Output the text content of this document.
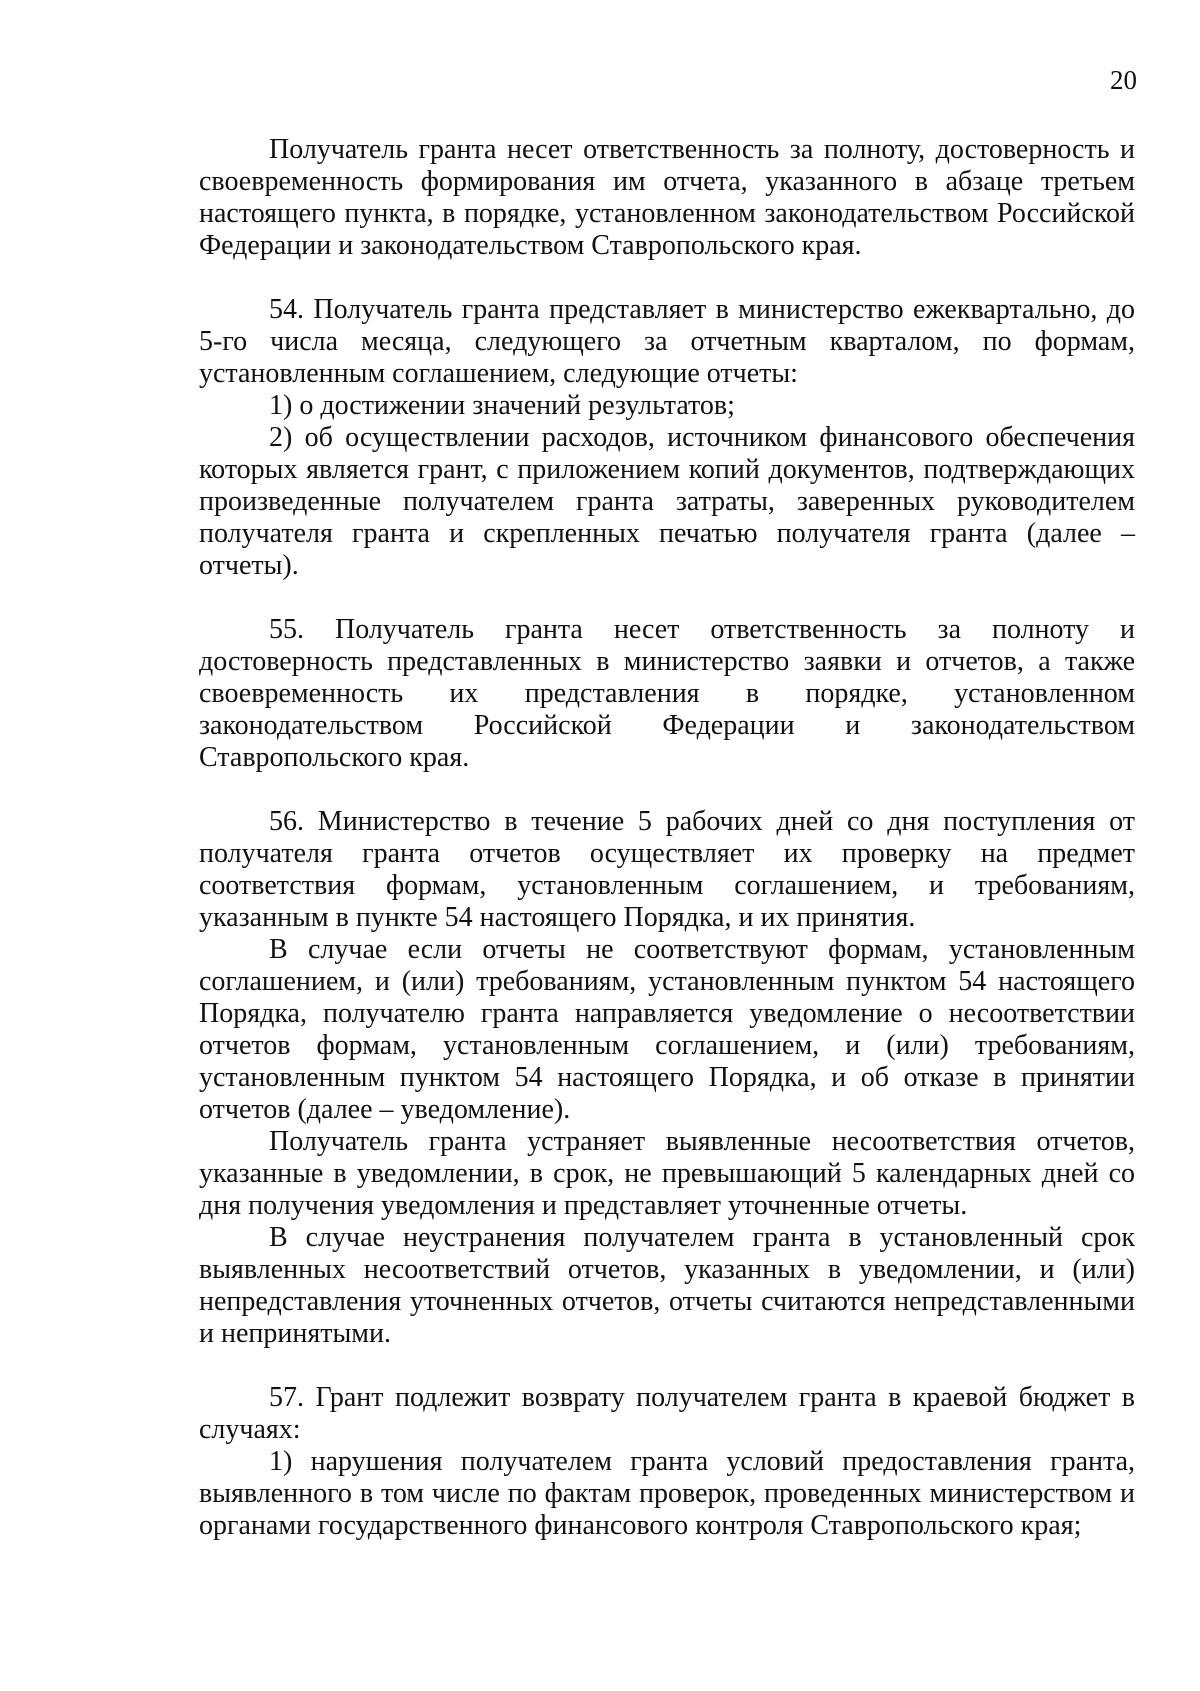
20

Получатель гранта несет ответственность за полноту, достоверность и своевременность формирования им отчета, указанного в абзаце третьем настоящего пункта, в порядке, установленном законодательством Российской Федерации и законодательством Ставропольского края.

54. Получатель гранта представляет в министерство ежеквартально, до 5-го числа месяца, следующего за отчетным кварталом, по формам, установленным соглашением, следующие отчеты:

1) о достижении значений результатов;

2) об осуществлении расходов, источником финансового обеспечения которых является грант, с приложением копий документов, подтверждающих произведенные получателем гранта затраты, заверенных руководителем получателя гранта и скрепленных печатью получателя гранта (далее – отчеты).

55. Получатель гранта несет ответственность за полноту и достоверность представленных в министерство заявки и отчетов, а также своевременность их представления в порядке, установленном законодательством Российской Федерации и законодательством Ставропольского края.

56. Министерство в течение 5 рабочих дней со дня поступления от получателя гранта отчетов осуществляет их проверку на предмет соответствия формам, установленным соглашением, и требованиям, указанным в пункте 54 настоящего Порядка, и их принятия.

В случае если отчеты не соответствуют формам, установленным соглашением, и (или) требованиям, установленным пунктом 54 настоящего Порядка, получателю гранта направляется уведомление о несоответствии отчетов формам, установленным соглашением, и (или) требованиям, установленным пунктом 54 настоящего Порядка, и об отказе в принятии отчетов (далее – уведомление).

Получатель гранта устраняет выявленные несоответствия отчетов, указанные в уведомлении, в срок, не превышающий 5 календарных дней со дня получения уведомления и представляет уточненные отчеты.

В случае неустранения получателем гранта в установленный срок выявленных несоответствий отчетов, указанных в уведомлении, и (или) непредставления уточненных отчетов, отчеты считаются непредставленными и непринятыми.

57. Грант подлежит возврату получателем гранта в краевой бюджет в случаях:

1) нарушения получателем гранта условий предоставления гранта, выявленного в том числе по фактам проверок, проведенных министерством и органами государственного финансового контроля Ставропольского края;
